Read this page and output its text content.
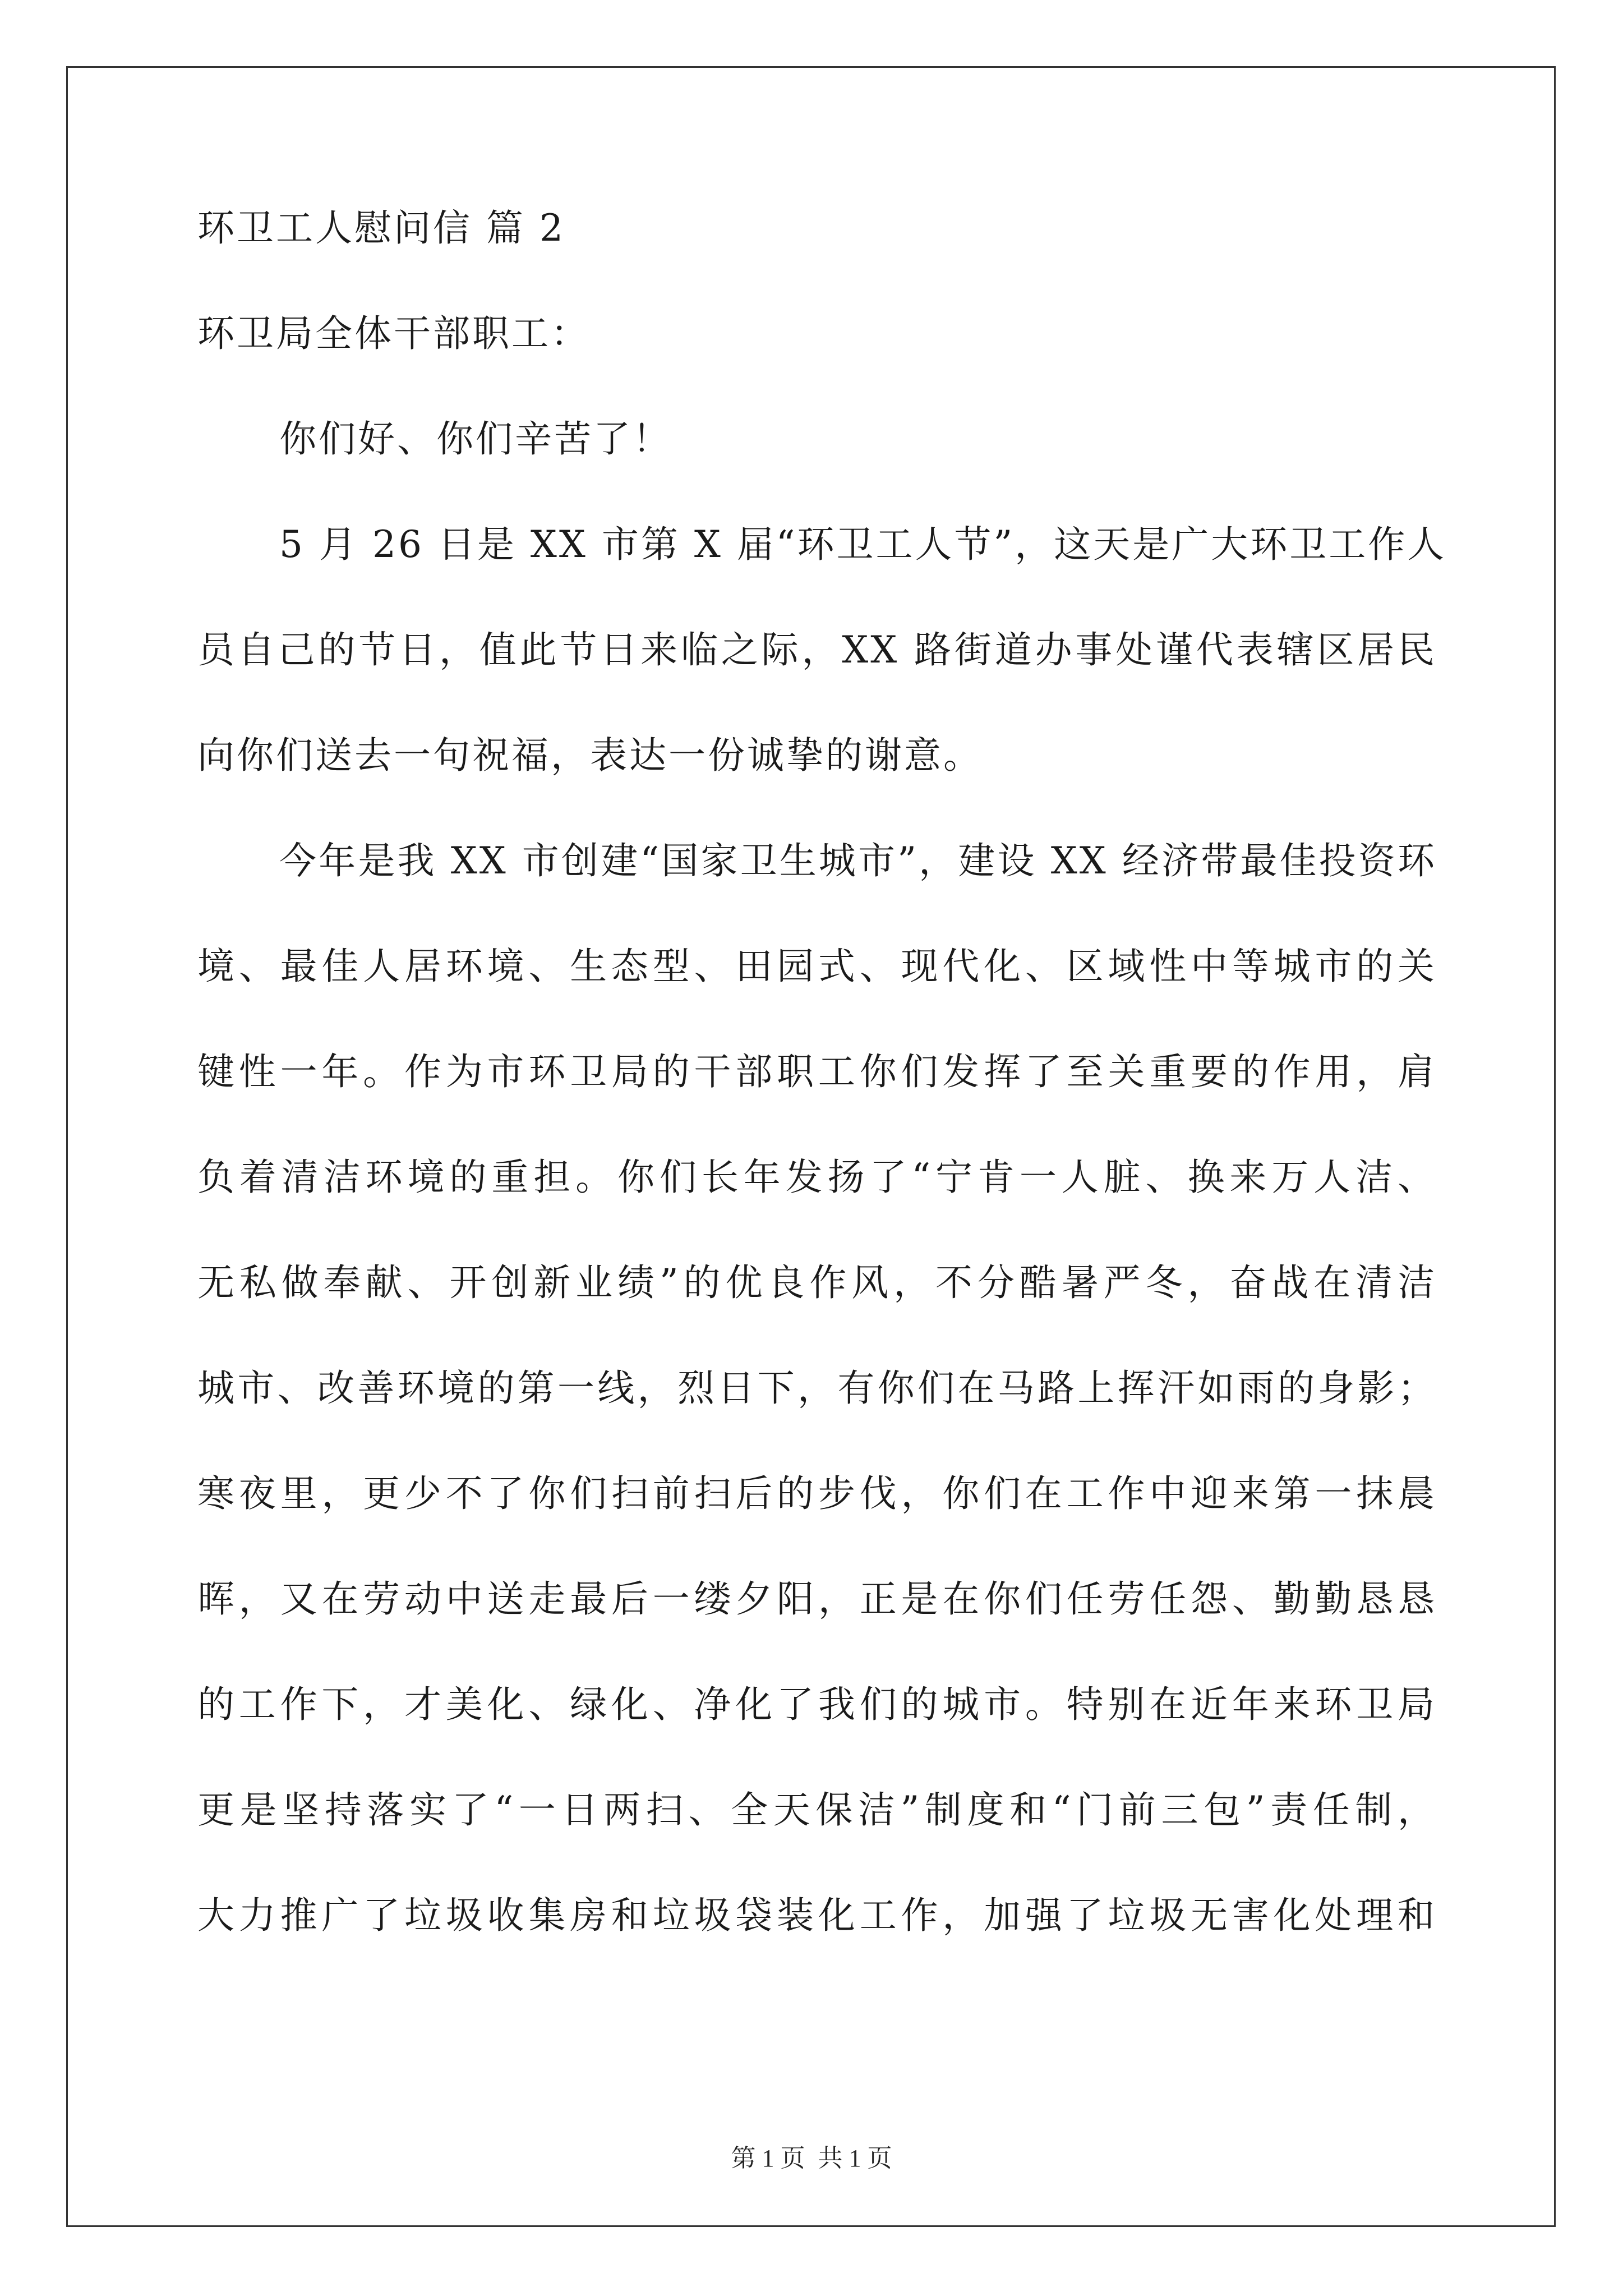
环卫工人慰问信 篇 2
环卫局全体干部职工：
你们好、你们辛苦了！
5 月 26 日是 XX 市第 X 届“环卫工人节”，这天是广大环卫工作人
员自己的节日，值此节日来临之际，XX 路街道办事处谨代表辖区居民
向你们送去一句祝福，表达一份诚挚的谢意。
今年是我 XX 市创建“国家卫生城市”，建设 XX 经济带最佳投资环
境、最佳人居环境、生态型、田园式、现代化、区域性中等城市的关
键性一年。作为市环卫局的干部职工你们发挥了至关重要的作用，肩
负着清洁环境的重担。你们长年发扬了“宁肯一人脏、换来万人洁、
无私做奉献、开创新业绩”的优良作风，不分酷暑严冬，奋战在清洁
城市、改善环境的第一线，烈日下，有你们在马路上挥汗如雨的身影；
寒夜里，更少不了你们扫前扫后的步伐，你们在工作中迎来第一抹晨
晖，又在劳动中送走最后一缕夕阳，正是在你们任劳任怨、勤勤恳恳
的工作下，才美化、绿化、净化了我们的城市。特别在近年来环卫局
更是坚持落实了“一日两扫、全天保洁”制度和“门前三包”责任制，
大力推广了垃圾收集房和垃圾袋装化工作，加强了垃圾无害化处理和
第 1 页 共 1 页
